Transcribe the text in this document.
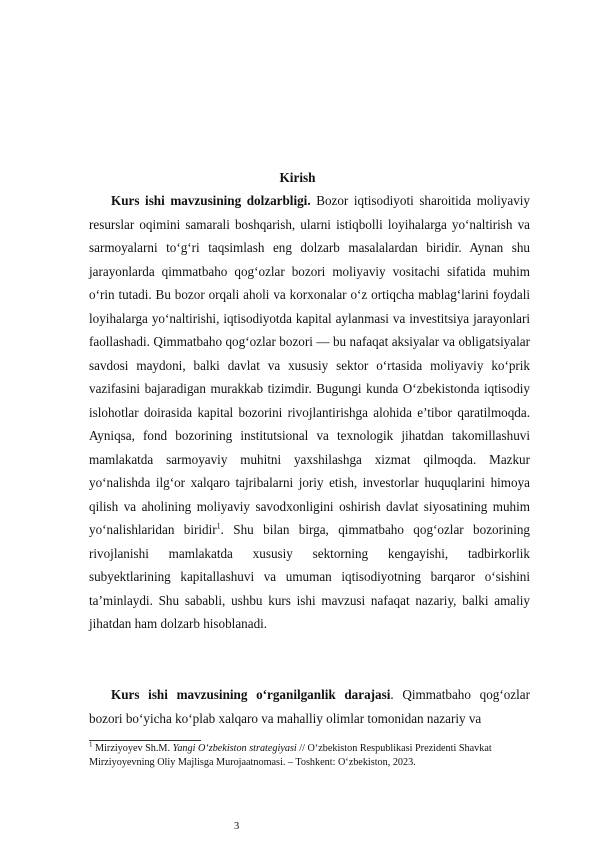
Kirish

Kurs ishi mavzusining dolzarbligi. Bozor iqtisodiyoti sharoitida moliyaviy resurslar oqimini samarali boshqarish, ularni istiqbolli loyihalarga yo‘naltirish va sarmoyalarni to‘g‘ri taqsimlash eng dolzarb masalalardan biridir. Aynan shu jarayonlarda qimmatbaho qog‘ozlar bozori moliyaviy vositachi sifatida muhim o‘rin tutadi. Bu bozor orqali aholi va korxonalar o‘z ortiqcha mablag‘larini foydali loyihalarga yo‘naltirishi, iqtisodiyotda kapital aylanmasi va investitsiya jarayonlari faollashadi. Qimmatbaho qog‘ozlar bozori — bu nafaqat aksiyalar va obligatsiyalar savdosi maydoni, balki davlat va xususiy sektor o‘rtasida moliyaviy ko‘prik vazifasini bajaradigan murakkab tizimdir. Bugungi kunda O‘zbekistonda iqtisodiy islohotlar doirasida kapital bozorini rivojlantirishga alohida e’tibor qaratilmoqda. Ayniqsa, fond bozorining institutsional va texnologik jihatdan takomillashuvi mamlakatda sarmoyaviy muhitni yaxshilashga xizmat qilmoqda. Mazkur yo‘nalishda ilg‘or xalqaro tajribalarni joriy etish, investorlar huquqlarini himoya qilish va aholining moliyaviy savodxonligini oshirish davlat siyosatining muhim yo‘nalishlaridan biridir$^1$. Shu bilan birga, qimmatbaho qog‘ozlar bozorining rivojlanishi mamlakatda xususiy sektorning kengayishi, tadbirkorlik subyektlarining kapitallashuvi va umuman iqtisodiyotning barqaror o‘sishini ta’minlaydi. Shu sababli, ushbu kurs ishi mavzusi nafaqat nazariy, balki amaliy jihatdan ham dolzarb hisoblanadi.

Kurs ishi mavzusining o‘rganilganlik darajasi. Qimmatbaho qog‘ozlar bozori bo‘yicha ko‘plab xalqaro va mahalliy olimlar tomonidan nazariy va

$^1$ Mirziyoyev Sh.M. Yangi O‘zbekiston strategiyasi // O‘zbekiston Respublikasi Prezidenti Shavkat Mirziyoyevning Oliy Majlisga Murojaatnomasi. – Toshkent: O‘zbekiston, 2023.
3
